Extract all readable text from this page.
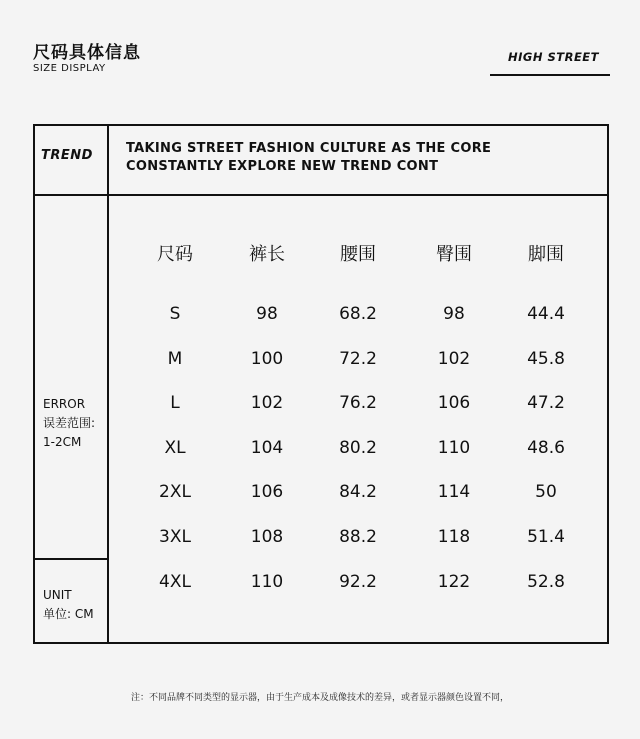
尺码具体信息
SIZE DISPLAY
HIGH STREET
TREND	TAKING STREET FASHION CULTURE AS THE CORE
CONSTANTLY EXPLORE NEW TREND CONT
ERROR
误差范围:
1-2CM
UNIT
单位: CM
尺码	裤长	腰围	臀围	脚围
S	98	68.2	98	44.4
M	100	72.2	102	45.8
L	102	76.2	106	47.2
XL	104	80.2	110	48.6
2XL	106	84.2	114	50
3XL	108	88.2	118	51.4
4XL	110	92.2	122	52.8
注：不同品牌不同类型的显示器，由于生产成本及成像技术的差异，或者显示器颜色设置不同，
